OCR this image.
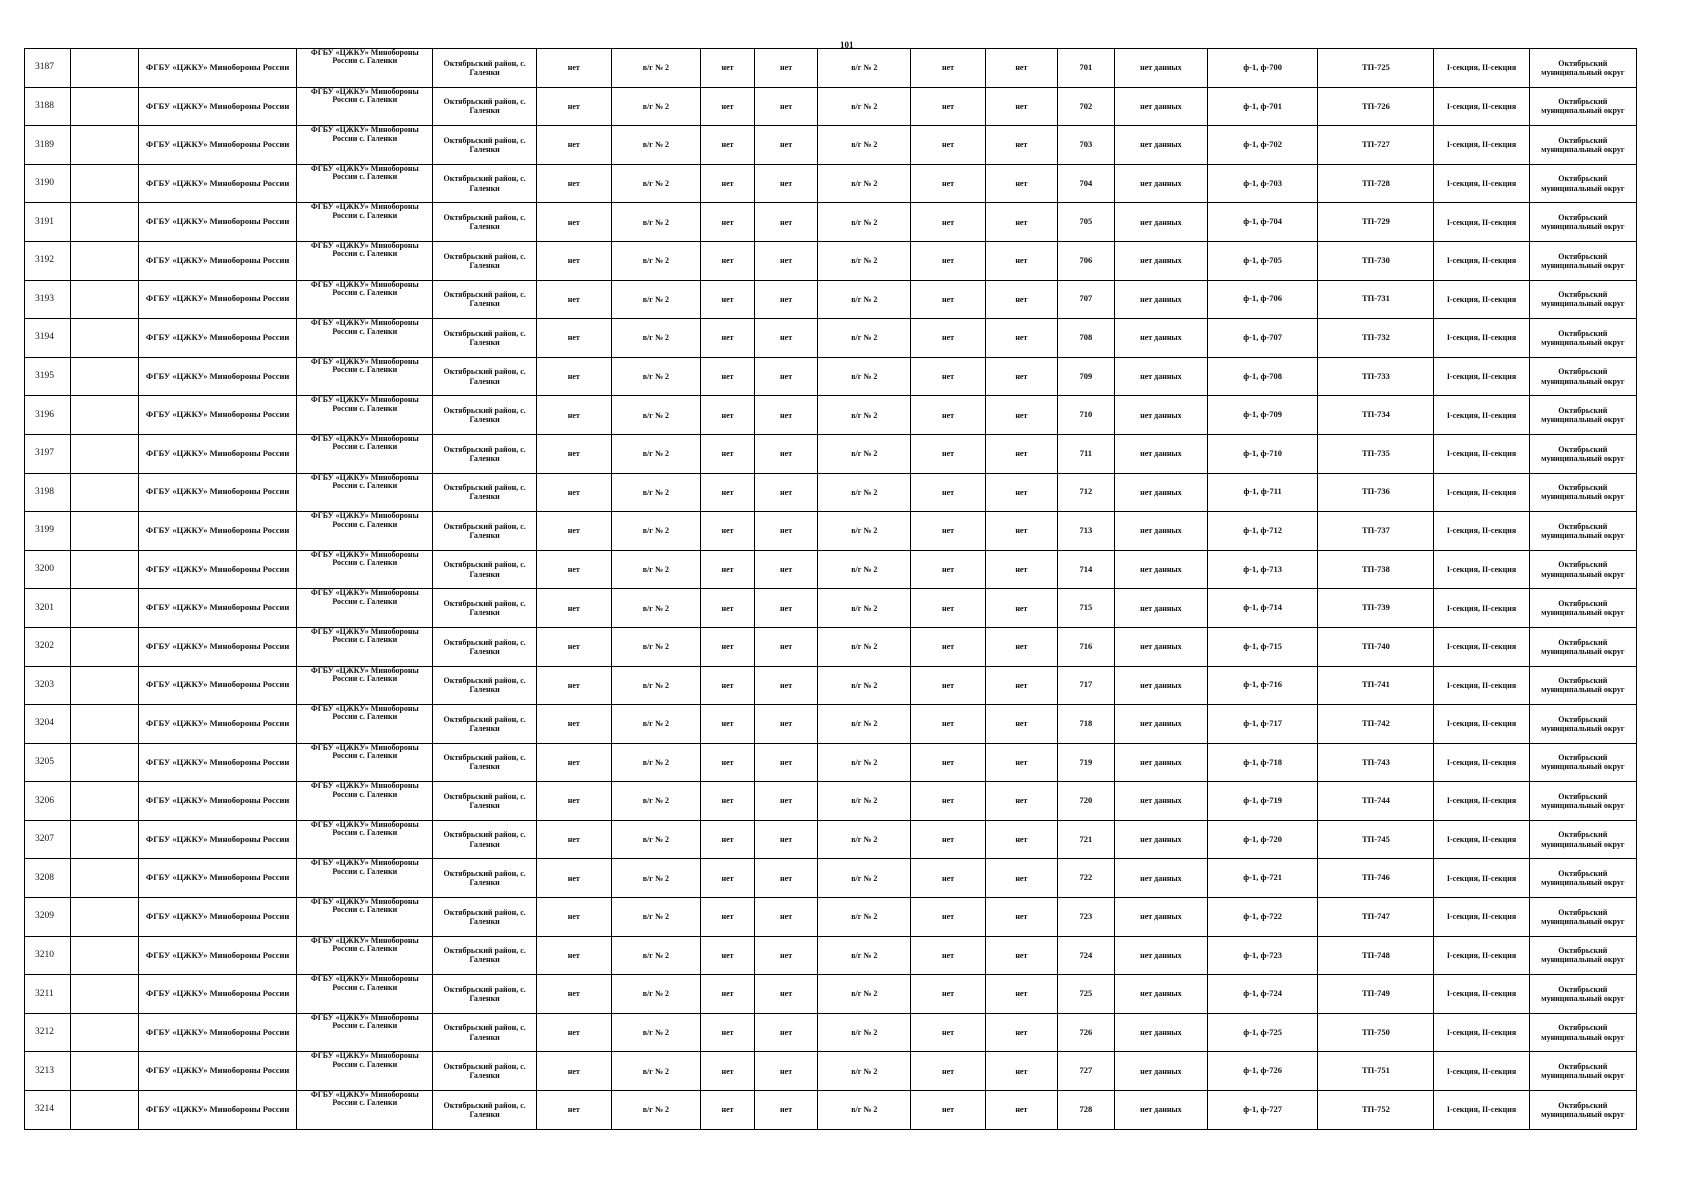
101
3187		ФГБУ «ЦЖКУ» Минобороны России	ФГБУ «ЦЖКУ» Минобороны России с. Галенки	Октябрьский район, с. Галенки	нет	в/г № 2	нет	нет	в/г № 2	нет	нет	701	нет данных	ф-1, ф-700	ТП-725	I-секция, II-секция	Октябрьский муниципальный округ
3188		ФГБУ «ЦЖКУ» Минобороны России	ФГБУ «ЦЖКУ» Минобороны России с. Галенки	Октябрьский район, с. Галенки	нет	в/г № 2	нет	нет	в/г № 2	нет	нет	702	нет данных	ф-1, ф-701	ТП-726	I-секция, II-секция	Октябрьский муниципальный округ
3189		ФГБУ «ЦЖКУ» Минобороны России	ФГБУ «ЦЖКУ» Минобороны России с. Галенки	Октябрьский район, с. Галенки	нет	в/г № 2	нет	нет	в/г № 2	нет	нет	703	нет данных	ф-1, ф-702	ТП-727	I-секция, II-секция	Октябрьский муниципальный округ
3190		ФГБУ «ЦЖКУ» Минобороны России	ФГБУ «ЦЖКУ» Минобороны России с. Галенки	Октябрьский район, с. Галенки	нет	в/г № 2	нет	нет	в/г № 2	нет	нет	704	нет данных	ф-1, ф-703	ТП-728	I-секция, II-секция	Октябрьский муниципальный округ
3191		ФГБУ «ЦЖКУ» Минобороны России	ФГБУ «ЦЖКУ» Минобороны России с. Галенки	Октябрьский район, с. Галенки	нет	в/г № 2	нет	нет	в/г № 2	нет	нет	705	нет данных	ф-1, ф-704	ТП-729	I-секция, II-секция	Октябрьский муниципальный округ
3192		ФГБУ «ЦЖКУ» Минобороны России	ФГБУ «ЦЖКУ» Минобороны России с. Галенки	Октябрьский район, с. Галенки	нет	в/г № 2	нет	нет	в/г № 2	нет	нет	706	нет данных	ф-1, ф-705	ТП-730	I-секция, II-секция	Октябрьский муниципальный округ
3193		ФГБУ «ЦЖКУ» Минобороны России	ФГБУ «ЦЖКУ» Минобороны России с. Галенки	Октябрьский район, с. Галенки	нет	в/г № 2	нет	нет	в/г № 2	нет	нет	707	нет данных	ф-1, ф-706	ТП-731	I-секция, II-секция	Октябрьский муниципальный округ
3194		ФГБУ «ЦЖКУ» Минобороны России	ФГБУ «ЦЖКУ» Минобороны России с. Галенки	Октябрьский район, с. Галенки	нет	в/г № 2	нет	нет	в/г № 2	нет	нет	708	нет данных	ф-1, ф-707	ТП-732	I-секция, II-секция	Октябрьский муниципальный округ
3195		ФГБУ «ЦЖКУ» Минобороны России	ФГБУ «ЦЖКУ» Минобороны России с. Галенки	Октябрьский район, с. Галенки	нет	в/г № 2	нет	нет	в/г № 2	нет	нет	709	нет данных	ф-1, ф-708	ТП-733	I-секция, II-секция	Октябрьский муниципальный округ
3196		ФГБУ «ЦЖКУ» Минобороны России	ФГБУ «ЦЖКУ» Минобороны России с. Галенки	Октябрьский район, с. Галенки	нет	в/г № 2	нет	нет	в/г № 2	нет	нет	710	нет данных	ф-1, ф-709	ТП-734	I-секция, II-секция	Октябрьский муниципальный округ
3197		ФГБУ «ЦЖКУ» Минобороны России	ФГБУ «ЦЖКУ» Минобороны России с. Галенки	Октябрьский район, с. Галенки	нет	в/г № 2	нет	нет	в/г № 2	нет	нет	711	нет данных	ф-1, ф-710	ТП-735	I-секция, II-секция	Октябрьский муниципальный округ
3198		ФГБУ «ЦЖКУ» Минобороны России	ФГБУ «ЦЖКУ» Минобороны России с. Галенки	Октябрьский район, с. Галенки	нет	в/г № 2	нет	нет	в/г № 2	нет	нет	712	нет данных	ф-1, ф-711	ТП-736	I-секция, II-секция	Октябрьский муниципальный округ
3199		ФГБУ «ЦЖКУ» Минобороны России	ФГБУ «ЦЖКУ» Минобороны России с. Галенки	Октябрьский район, с. Галенки	нет	в/г № 2	нет	нет	в/г № 2	нет	нет	713	нет данных	ф-1, ф-712	ТП-737	I-секция, II-секция	Октябрьский муниципальный округ
3200		ФГБУ «ЦЖКУ» Минобороны России	ФГБУ «ЦЖКУ» Минобороны России с. Галенки	Октябрьский район, с. Галенки	нет	в/г № 2	нет	нет	в/г № 2	нет	нет	714	нет данных	ф-1, ф-713	ТП-738	I-секция, II-секция	Октябрьский муниципальный округ
3201		ФГБУ «ЦЖКУ» Минобороны России	ФГБУ «ЦЖКУ» Минобороны России с. Галенки	Октябрьский район, с. Галенки	нет	в/г № 2	нет	нет	в/г № 2	нет	нет	715	нет данных	ф-1, ф-714	ТП-739	I-секция, II-секция	Октябрьский муниципальный округ
3202		ФГБУ «ЦЖКУ» Минобороны России	ФГБУ «ЦЖКУ» Минобороны России с. Галенки	Октябрьский район, с. Галенки	нет	в/г № 2	нет	нет	в/г № 2	нет	нет	716	нет данных	ф-1, ф-715	ТП-740	I-секция, II-секция	Октябрьский муниципальный округ
3203		ФГБУ «ЦЖКУ» Минобороны России	ФГБУ «ЦЖКУ» Минобороны России с. Галенки	Октябрьский район, с. Галенки	нет	в/г № 2	нет	нет	в/г № 2	нет	нет	717	нет данных	ф-1, ф-716	ТП-741	I-секция, II-секция	Октябрьский муниципальный округ
3204		ФГБУ «ЦЖКУ» Минобороны России	ФГБУ «ЦЖКУ» Минобороны России с. Галенки	Октябрьский район, с. Галенки	нет	в/г № 2	нет	нет	в/г № 2	нет	нет	718	нет данных	ф-1, ф-717	ТП-742	I-секция, II-секция	Октябрьский муниципальный округ
3205		ФГБУ «ЦЖКУ» Минобороны России	ФГБУ «ЦЖКУ» Минобороны России с. Галенки	Октябрьский район, с. Галенки	нет	в/г № 2	нет	нет	в/г № 2	нет	нет	719	нет данных	ф-1, ф-718	ТП-743	I-секция, II-секция	Октябрьский муниципальный округ
3206		ФГБУ «ЦЖКУ» Минобороны России	ФГБУ «ЦЖКУ» Минобороны России с. Галенки	Октябрьский район, с. Галенки	нет	в/г № 2	нет	нет	в/г № 2	нет	нет	720	нет данных	ф-1, ф-719	ТП-744	I-секция, II-секция	Октябрьский муниципальный округ
3207		ФГБУ «ЦЖКУ» Минобороны России	ФГБУ «ЦЖКУ» Минобороны России с. Галенки	Октябрьский район, с. Галенки	нет	в/г № 2	нет	нет	в/г № 2	нет	нет	721	нет данных	ф-1, ф-720	ТП-745	I-секция, II-секция	Октябрьский муниципальный округ
3208		ФГБУ «ЦЖКУ» Минобороны России	ФГБУ «ЦЖКУ» Минобороны России с. Галенки	Октябрьский район, с. Галенки	нет	в/г № 2	нет	нет	в/г № 2	нет	нет	722	нет данных	ф-1, ф-721	ТП-746	I-секция, II-секция	Октябрьский муниципальный округ
3209		ФГБУ «ЦЖКУ» Минобороны России	ФГБУ «ЦЖКУ» Минобороны России с. Галенки	Октябрьский район, с. Галенки	нет	в/г № 2	нет	нет	в/г № 2	нет	нет	723	нет данных	ф-1, ф-722	ТП-747	I-секция, II-секция	Октябрьский муниципальный округ
3210		ФГБУ «ЦЖКУ» Минобороны России	ФГБУ «ЦЖКУ» Минобороны России с. Галенки	Октябрьский район, с. Галенки	нет	в/г № 2	нет	нет	в/г № 2	нет	нет	724	нет данных	ф-1, ф-723	ТП-748	I-секция, II-секция	Октябрьский муниципальный округ
3211		ФГБУ «ЦЖКУ» Минобороны России	ФГБУ «ЦЖКУ» Минобороны России с. Галенки	Октябрьский район, с. Галенки	нет	в/г № 2	нет	нет	в/г № 2	нет	нет	725	нет данных	ф-1, ф-724	ТП-749	I-секция, II-секция	Октябрьский муниципальный округ
3212		ФГБУ «ЦЖКУ» Минобороны России	ФГБУ «ЦЖКУ» Минобороны России с. Галенки	Октябрьский район, с. Галенки	нет	в/г № 2	нет	нет	в/г № 2	нет	нет	726	нет данных	ф-1, ф-725	ТП-750	I-секция, II-секция	Октябрьский муниципальный округ
3213		ФГБУ «ЦЖКУ» Минобороны России	ФГБУ «ЦЖКУ» Минобороны России с. Галенки	Октябрьский район, с. Галенки	нет	в/г № 2	нет	нет	в/г № 2	нет	нет	727	нет данных	ф-1, ф-726	ТП-751	I-секция, II-секция	Октябрьский муниципальный округ
3214		ФГБУ «ЦЖКУ» Минобороны России	ФГБУ «ЦЖКУ» Минобороны России с. Галенки	Октябрьский район, с. Галенки	нет	в/г № 2	нет	нет	в/г № 2	нет	нет	728	нет данных	ф-1, ф-727	ТП-752	I-секция, II-секция	Октябрьский муниципальный округ
